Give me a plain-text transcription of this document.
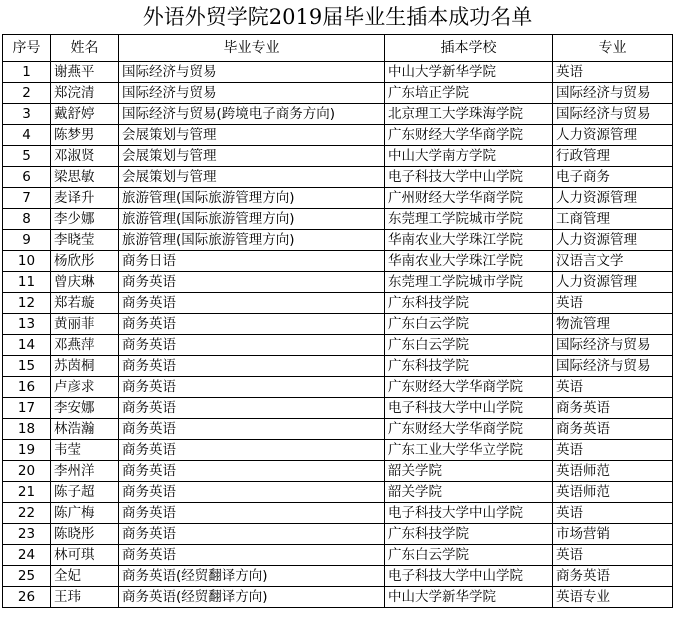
外语外贸学院2019届毕业生插本成功名单
序号	姓名	毕业专业	插本学校	专业
1	谢燕平	国际经济与贸易	中山大学新华学院	英语
2	郑浣清	国际经济与贸易	广东培正学院	国际经济与贸易
3	戴舒婷	国际经济与贸易(跨境电子商务方向)	北京理工大学珠海学院	国际经济与贸易
4	陈梦男	会展策划与管理	广东财经大学华商学院	人力资源管理
5	邓淑贤	会展策划与管理	中山大学南方学院	行政管理
6	梁思敏	会展策划与管理	电子科技大学中山学院	电子商务
7	麦译升	旅游管理(国际旅游管理方向)	广州财经大学华商学院	人力资源管理
8	李少娜	旅游管理(国际旅游管理方向)	东莞理工学院城市学院	工商管理
9	李晓莹	旅游管理(国际旅游管理方向)	华南农业大学珠江学院	人力资源管理
10	杨欣彤	商务日语	华南农业大学珠江学院	汉语言文学
11	曾庆琳	商务英语	东莞理工学院城市学院	人力资源管理
12	郑若璇	商务英语	广东科技学院	英语
13	黄丽菲	商务英语	广东白云学院	物流管理
14	邓燕萍	商务英语	广东白云学院	国际经济与贸易
15	苏茵桐	商务英语	广东科技学院	国际经济与贸易
16	卢彦求	商务英语	广东财经大学华商学院	英语
17	李安娜	商务英语	电子科技大学中山学院	商务英语
18	林浩瀚	商务英语	广东财经大学华商学院	商务英语
19	韦莹	商务英语	广东工业大学华立学院	英语
20	李州洋	商务英语	韶关学院	英语师范
21	陈子超	商务英语	韶关学院	英语师范
22	陈广梅	商务英语	电子科技大学中山学院	英语
23	陈晓彤	商务英语	广东科技学院	市场营销
24	林可琪	商务英语	广东白云学院	英语
25	全妃	商务英语(经贸翻译方向)	电子科技大学中山学院	商务英语
26	王玮	商务英语(经贸翻译方向)	中山大学新华学院	英语专业
